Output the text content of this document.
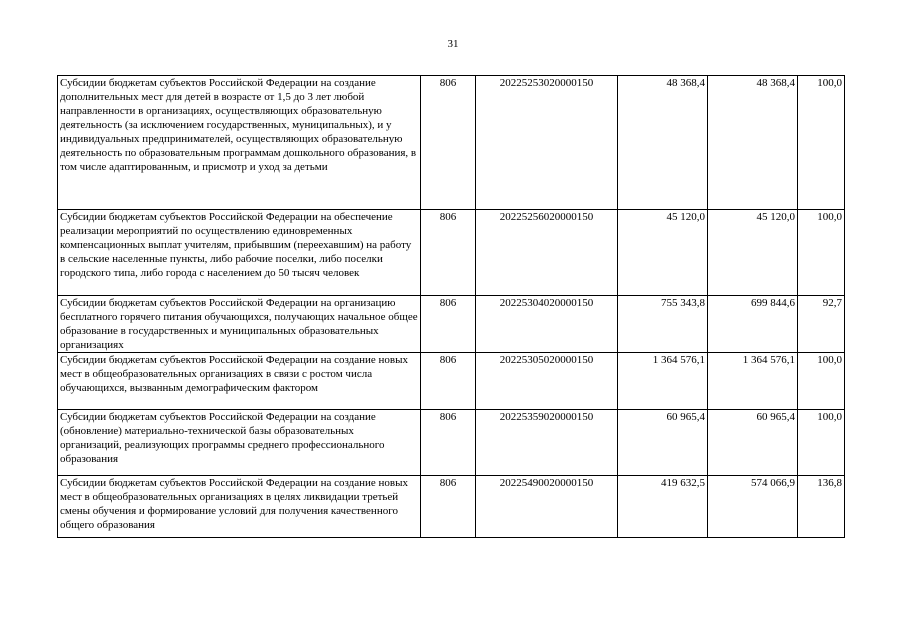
31
Субсидии бюджетам субъектов Российской Федерации на создание дополнительных мест для детей в возрасте от 1,5 до 3 лет любой направленности в организациях, осуществляющих образовательную деятельность (за исключением государственных, муниципальных), и у индивидуальных предпринимателей, осуществляющих образовательную деятельность по образовательным программам дошкольного образования, в том числе адаптированным, и присмотр и уход за детьми	806	20225253020000150	48 368,4	48 368,4	100,0
Субсидии бюджетам субъектов Российской Федерации на обеспечение реализации мероприятий по осуществлению единовременных компенсационных выплат учителям, прибывшим (переехавшим) на работу в сельские населенные пункты, либо рабочие поселки, либо поселки городского типа, либо города с населением до 50 тысяч человек	806	20225256020000150	45 120,0	45 120,0	100,0
Субсидии бюджетам субъектов Российской Федерации на организацию бесплатного горячего питания обучающихся, получающих начальное общее образование в государственных и муниципальных образовательных организациях	806	20225304020000150	755 343,8	699 844,6	92,7
Субсидии бюджетам субъектов Российской Федерации на создание новых мест в общеобразовательных организациях в связи с ростом числа обучающихся, вызванным демографическим фактором	806	20225305020000150	1 364 576,1	1 364 576,1	100,0
Субсидии бюджетам субъектов Российской Федерации на создание (обновление) материально-технической базы образовательных организаций, реализующих программы среднего профессионального образования	806	20225359020000150	60 965,4	60 965,4	100,0
Субсидии бюджетам субъектов Российской Федерации на создание новых мест в общеобразовательных организациях в целях ликвидации третьей смены обучения и формирование условий для получения качественного общего образования	806	20225490020000150	419 632,5	574 066,9	136,8
